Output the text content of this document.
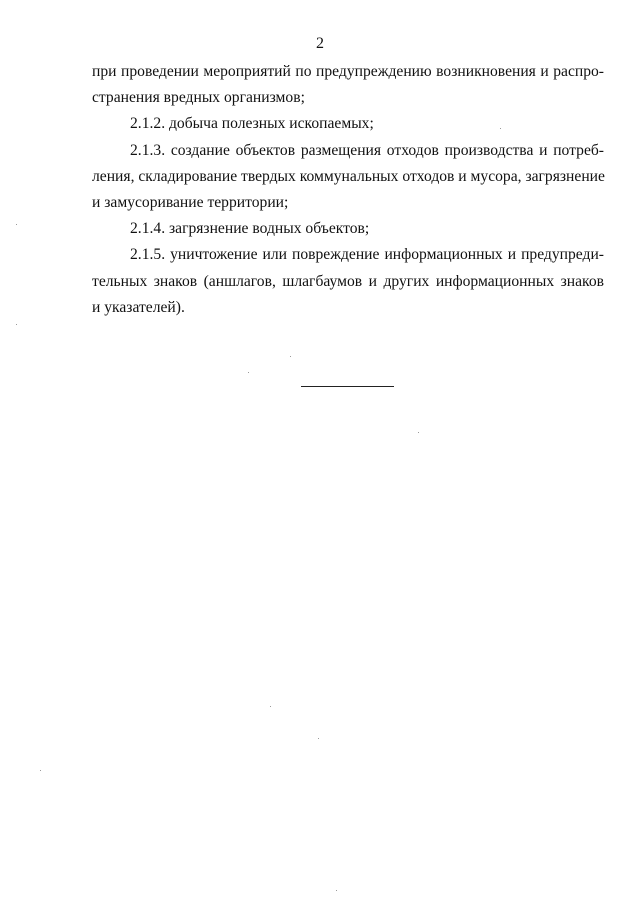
2
при проведении мероприятий по предупреждению возникновения и распро-
странения вредных организмов;
2.1.2. добыча полезных ископаемых;
2.1.3. создание объектов размещения отходов производства и потреб-
ления, складирование твердых коммунальных отходов и мусора, загрязнение
и замусоривание территории;
2.1.4. загрязнение водных объектов;
2.1.5. уничтожение или повреждение информационных и предупреди-
тельных знаков (аншлагов, шлагбаумов и других информационных знаков
и указателей).
